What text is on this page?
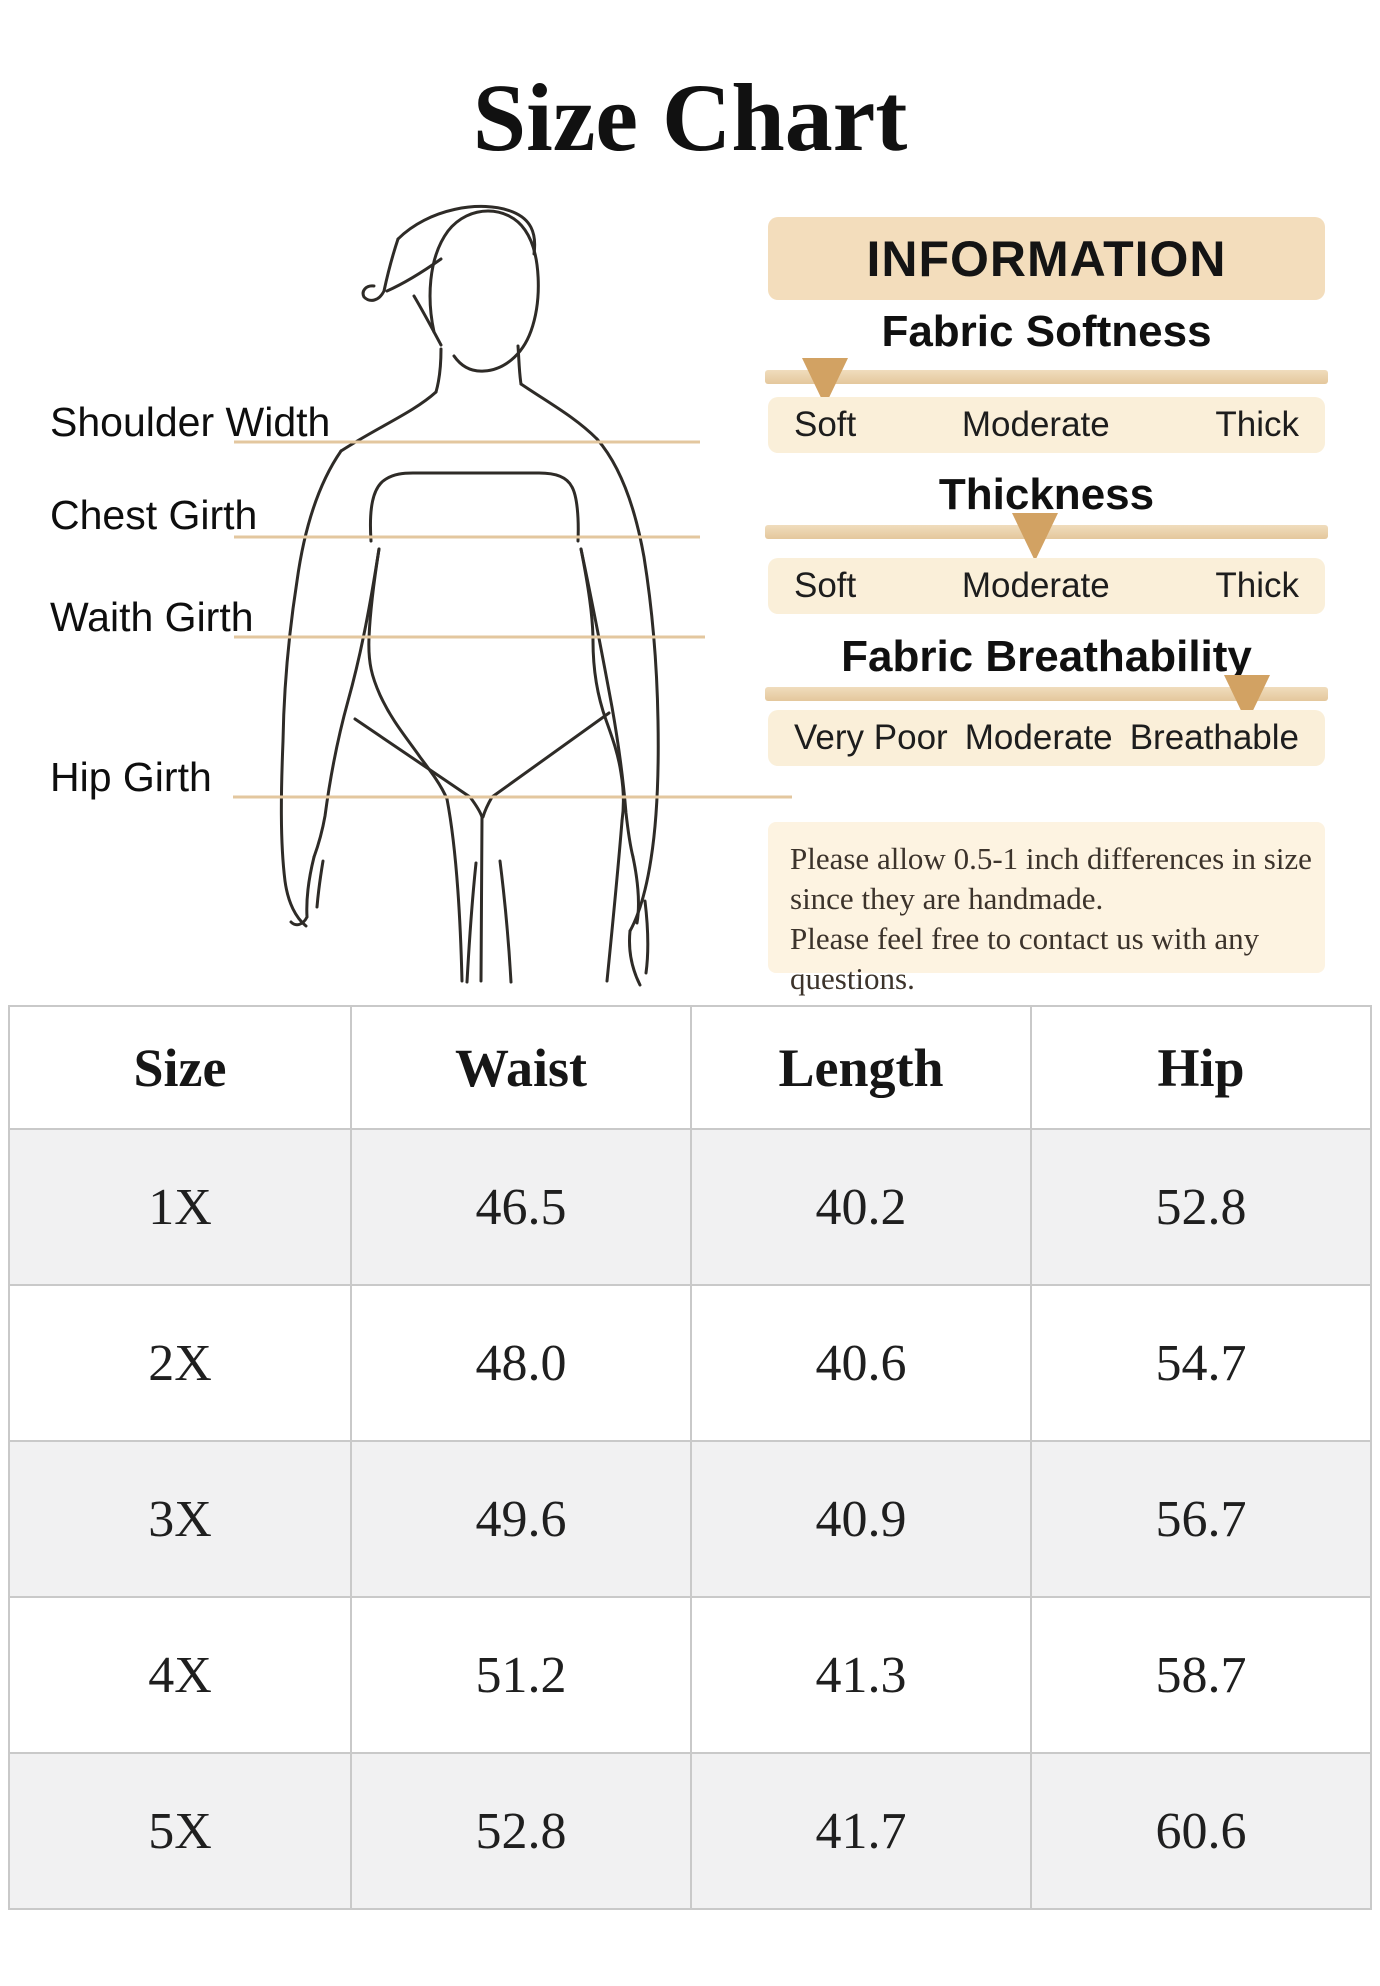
Size Chart
Shoulder Width
Chest Girth
Waith Girth
Hip Girth
INFORMATION
Fabric Softness
Soft	Moderate	Thick
Thickness
Soft	Moderate	Thick
Fabric Breathability
Very Poor Moderate Breathable
Please allow 0.5-1 inch differences in size
since they are handmade.
Please feel free to contact us with any questions.
Size	Waist	Length	Hip
1X	46.5	40.2	52.8
2X	48.0	40.6	54.7
3X	49.6	40.9	56.7
4X	51.2	41.3	58.7
5X	52.8	41.7	60.6
